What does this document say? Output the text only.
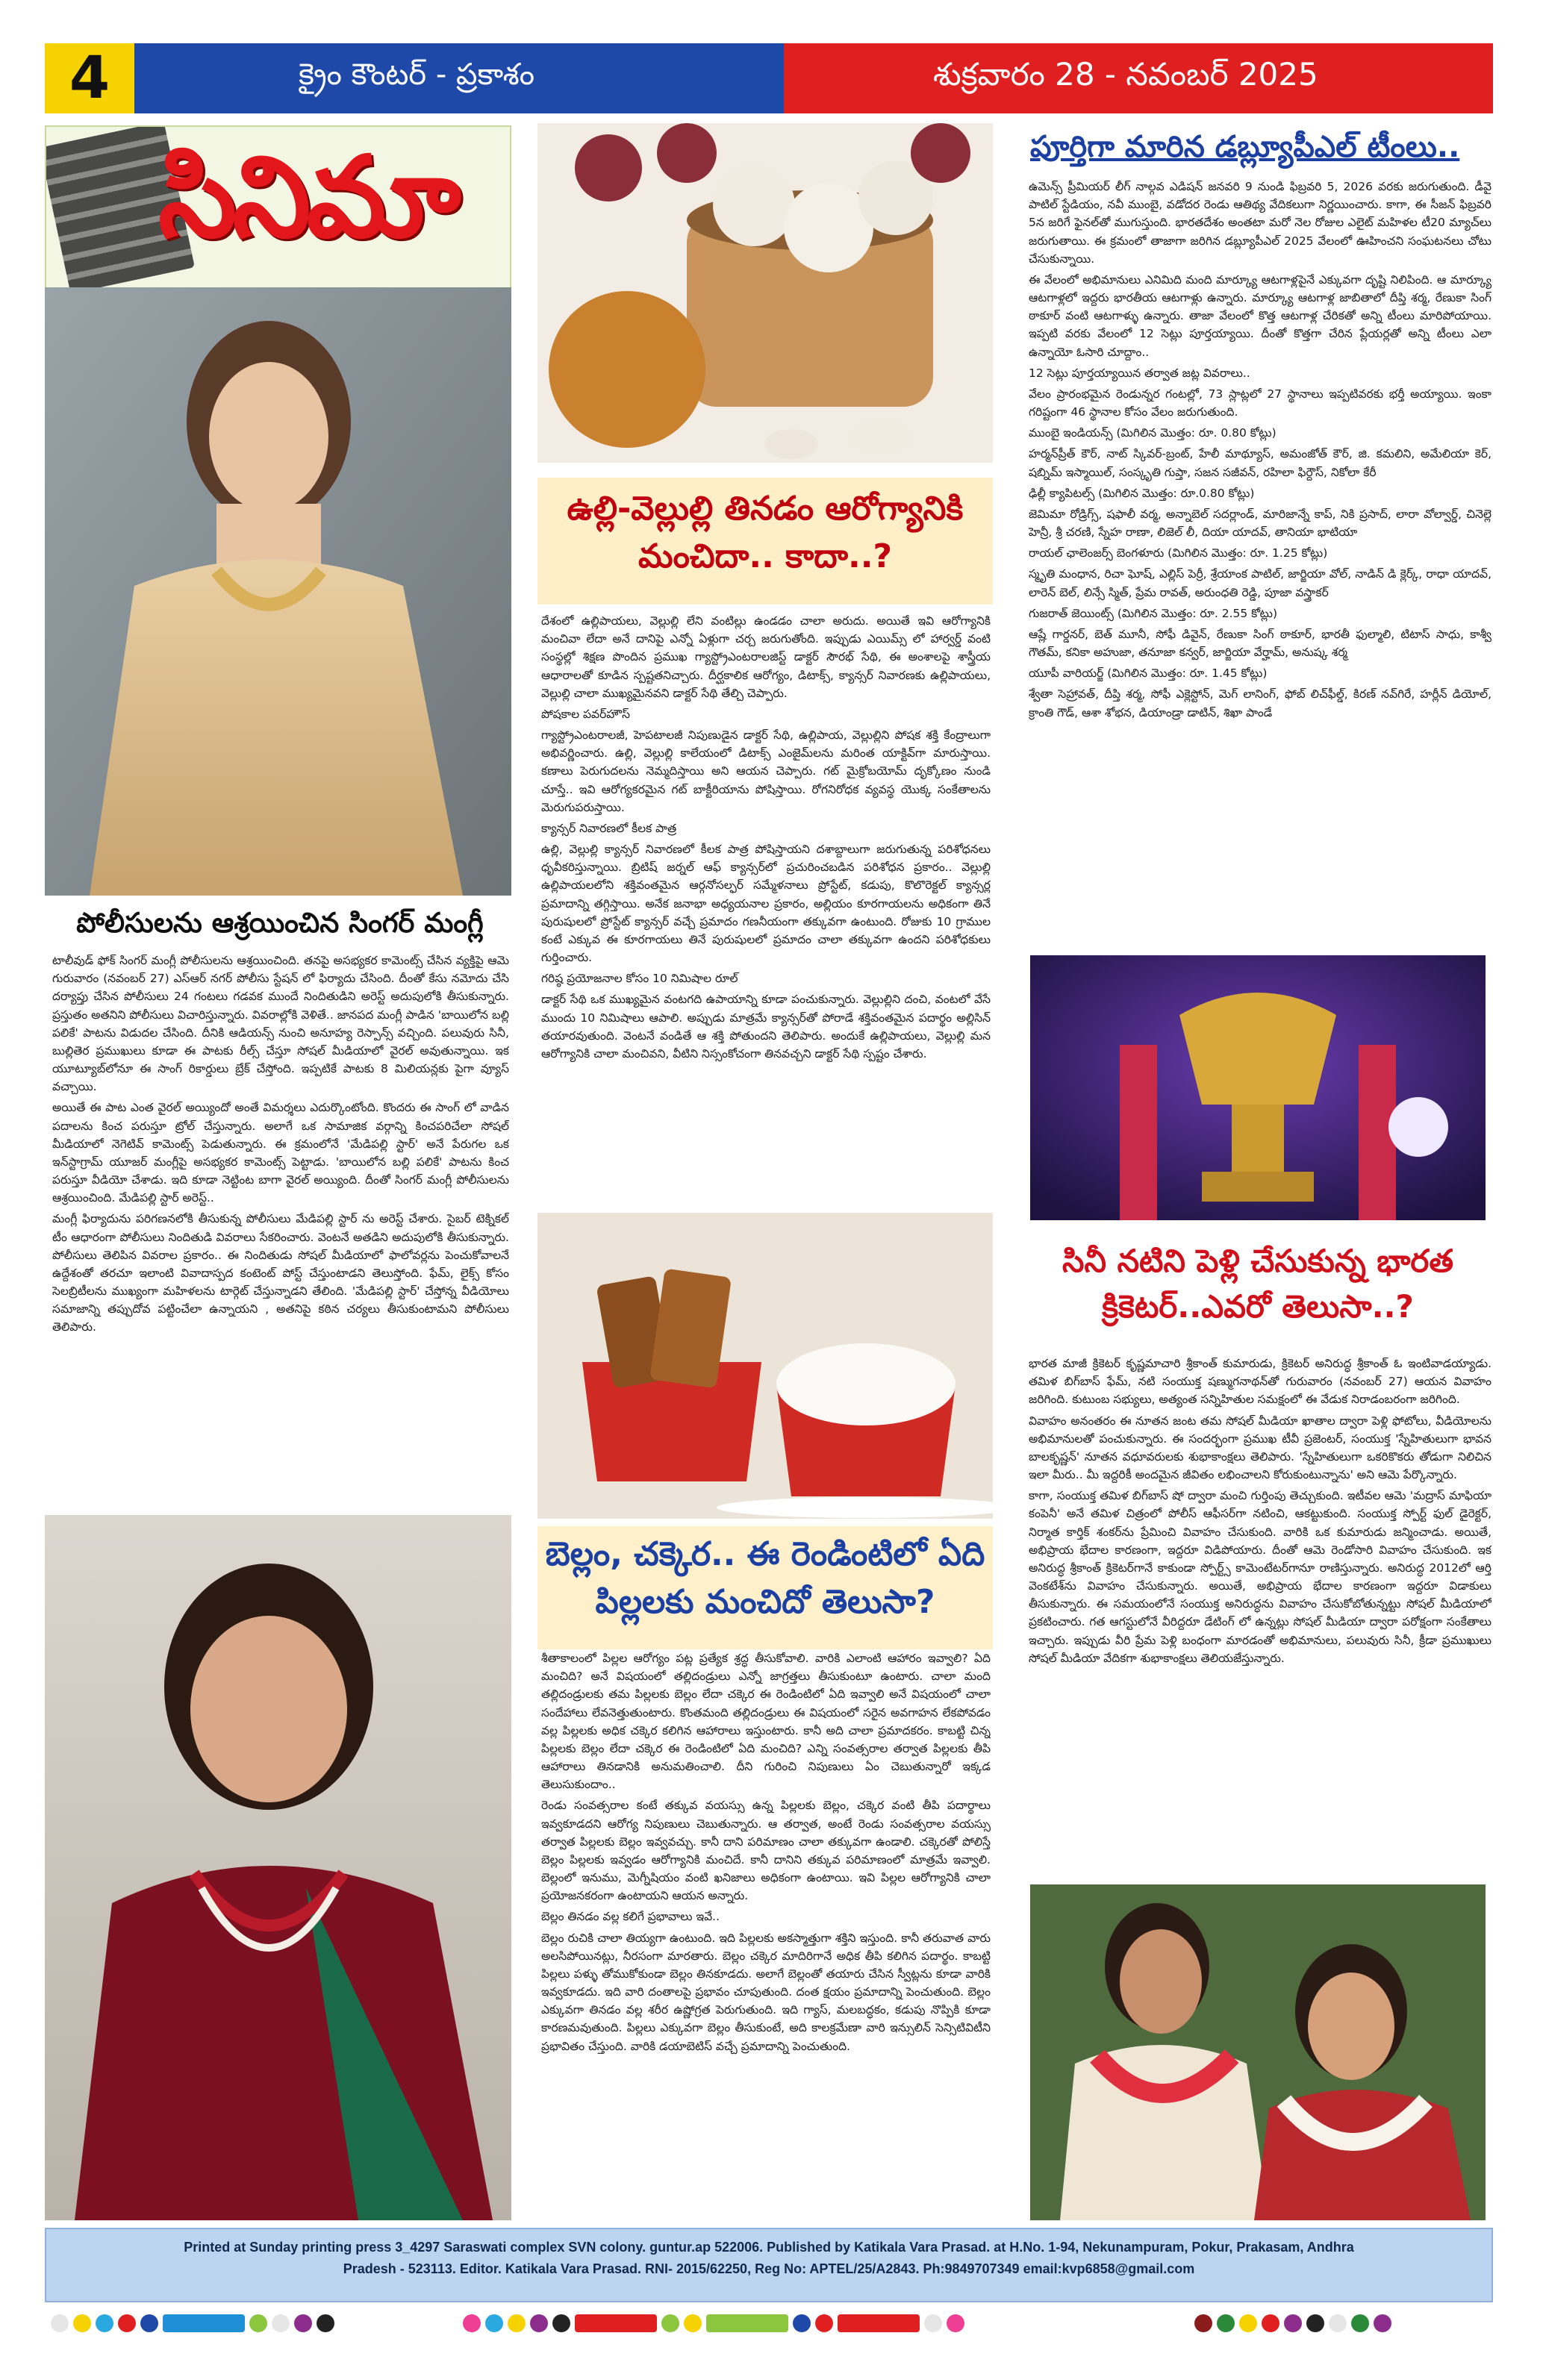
4	క్రైం కౌంటర్ - ప్రకాశం	శుక్రవారం 28 - నవంబర్ 2025
సినిమా
పోలీసులను ఆశ్రయించిన సింగర్ మంగ్లీ

టాలీవుడ్ ఫోక్ సింగర్ మంగ్లీ పోలీసులను ఆశ్రయించింది. తనపై అసభ్యకర కామెంట్స్ చేసిన వ్యక్తిపై ఆమె గురువారం (నవంబర్ 27) ఎస్ఆర్ నగర్ పోలీసు స్టేషన్ లో ఫిర్యాదు చేసింది. దీంతో కేసు నమోదు చేసి దర్యాప్తు చేసిన పోలీసులు 24 గంటలు గడవక ముందే నిందితుడిని అరెస్ట్ అదుపులోకి తీసుకున్నారు. ప్రస్తుతం అతనిని పోలీసులు విచారిస్తున్నారు. వివరాల్లోకి వెళితే.. జానపద మంగ్లీ పాడిన 'బాయిలోన బల్లి పలికే' పాటను విడుదల చేసింది. దీనికి ఆడియన్స్ నుంచి అనూహ్య రెస్పాన్స్ వచ్చింది. పలువురు సినీ, బుల్లితెర ప్రముఖులు కూడా ఈ పాటకు రీల్స్ చేస్తూ సోషల్ మీడియాలో వైరల్ అవుతున్నాయి. ఇక యూట్యూబ్‌లోనూ ఈ సాంగ్ రికార్డులు బ్రేక్ చేస్తోంది. ఇప్పటికే పాటకు 8 మిలియన్లకు పైగా వ్యూస్ వచ్చాయి.

అయితే ఈ పాట ఎంత వైరల్ అయ్యిందో అంతే విమర్శలు ఎదుర్కొంటోంది. కొందరు ఈ సాంగ్ లో వాడిన పదాలను కించ పరుస్తూ ట్రోల్ చేస్తున్నారు. అలాగే ఒక సామాజిక వర్గాన్ని కించపరిచేలా సోషల్ మీడియాలో నెగెటివ్ కామెంట్స్ పెడుతున్నారు. ఈ క్రమంలోనే 'మేడిపల్లి స్టార్' అనే పేరుగల ఒక ఇన్‌స్టాగ్రామ్ యూజర్ మంగ్లీపై అసభ్యకర కామెంట్స్ పెట్టాడు. 'బాయిలోన బల్లి పలికే' పాటను కించ పరుస్తూ వీడియో చేశాడు. ఇది కూడా నెట్టింట బాగా వైరల్ అయ్యింది. దీంతో సింగర్ మంగ్లీ పోలీసులను ఆశ్రయించింది. మేడిపల్లి స్టార్ అరెస్ట్..

మంగ్లీ ఫిర్యాదును పరిగణనలోకి తీసుకున్న పోలీసులు మేడిపల్లి స్టార్ ను అరెస్ట్ చేశారు. సైబర్ టెక్నికల్ టీం ఆధారంగా పోలీసులు నిందితుడి వివరాలు సేకరించారు. వెంటనే అతడిని అదుపులోకి తీసుకున్నారు. పోలీసులు తెలిపిన వివరాల ప్రకారం.. ఈ నిందితుడు సోషల్ మీడియాలో ఫాలోవర్లను పెంచుకోవాలనే ఉద్దేశంతో తరచూ ఇలాంటి వివాదాస్పద కంటెంట్ పోస్ట్ చేస్తుంటాడని తెలుస్తోంది. ఫేమ్, లైక్స్ కోసం సెలబ్రిటీలను ముఖ్యంగా మహిళలను టార్గెట్ చేస్తున్నాడని తేలింది. 'మేడిపల్లి స్టార్' చేస్తోన్న వీడియోలు సమాజాన్ని తప్పుదోవ పట్టించేలా ఉన్నాయని , అతనిపై కఠిన చర్యలు తీసుకుంటామని పోలీసులు తెలిపారు.

ఉల్లి-వెల్లుల్లి తినడం ఆరోగ్యానికి మంచిదా.. కాదా..?

దేశంలో ఉల్లిపాయలు, వెల్లుల్లి లేని వంటిల్లు ఉండడం చాలా అరుదు. అయితే ఇవి ఆరోగ్యానికి మంచివా లేదా అనే దానిపై ఎన్నో ఏళ్లుగా చర్చ జరుగుతోంది. ఇప్పుడు ఎయిమ్స్ లో హార్వర్డ్ వంటి సంస్థల్లో శిక్షణ పొందిన ప్రముఖ గ్యాస్ట్రోఎంటరాలజిస్ట్ డాక్టర్ సౌరభ్ సేథి, ఈ అంశాలపై శాస్త్రీయ ఆధారాలతో కూడిన స్పష్టతనిచ్చారు. దీర్ఘకాలిక ఆరోగ్యం, డిటాక్స్, క్యాన్సర్ నివారణకు ఉల్లిపాయలు, వెల్లుల్లి చాలా ముఖ్యమైనవని డాక్టర్ సేథి తేల్చి చెప్పారు.

పోషకాల పవర్‌హౌస్

గ్యాస్ట్రోఎంటరాలజీ, హెపటాలజీ నిపుణుడైన డాక్టర్ సేథి, ఉల్లిపాయ, వెల్లుల్లిని పోషక శక్తి కేంద్రాలుగా అభివర్ణించారు. ఉల్లి, వెల్లుల్లి కాలేయంలో డిటాక్స్ ఎంజైమ్‌లను మరింత యాక్టివ్‌గా మారుస్తాయి. కణాలు పెరుగుదలను నెమ్మదిస్తాయి అని ఆయన చెప్పారు. గట్ మైక్రోబయోమ్ దృక్కోణం నుండి చూస్తే.. ఇవి ఆరోగ్యకరమైన గట్ బాక్టీరియాను పోషిస్తాయి. రోగనిరోధక వ్యవస్థ యొక్క సంకేతాలను మెరుగుపరుస్తాయి.

క్యాన్సర్ నివారణలో కీలక పాత్ర

ఉల్లి, వెల్లుల్లి క్యాన్సర్ నివారణలో కీలక పాత్ర పోషిస్తాయని దశాబ్దాలుగా జరుగుతున్న పరిశోధనలు ధృవీకరిస్తున్నాయి. బ్రిటిష్ జర్నల్ ఆఫ్ క్యాన్సర్‌లో ప్రచురించబడిన పరిశోధన ప్రకారం.. వెల్లుల్లి ఉల్లిపాయలలోని శక్తివంతమైన ఆర్గనోసల్ఫర్ సమ్మేళనాలు ప్రోస్టేట్, కడుపు, కొలొరెక్టల్ క్యాన్సర్ల ప్రమాదాన్ని తగ్గిస్తాయి. అనేక జనాభా అధ్యయనాల ప్రకారం, అల్లియం కూరగాయలను అధికంగా తినే పురుషులలో ప్రోస్టేట్ క్యాన్సర్ వచ్చే ప్రమాదం గణనీయంగా తక్కువగా ఉంటుంది. రోజుకు 10 గ్రాముల కంటే ఎక్కువ ఈ కూరగాయలు తినే పురుషులలో ప్రమాదం చాలా తక్కువగా ఉందని పరిశోధకులు గుర్తించారు.

గరిష్ఠ ప్రయోజనాల కోసం 10 నిమిషాల రూల్

డాక్టర్ సేథి ఒక ముఖ్యమైన వంటగది ఉపాయాన్ని కూడా పంచుకున్నారు. వెల్లుల్లిని దంచి, వంటలో వేసే ముందు 10 నిమిషాలు ఆపాలి. అప్పుడు మాత్రమే క్యాన్సర్‌తో పోరాడే శక్తివంతమైన పదార్థం అల్లిసిన్ తయారవుతుంది. వెంటనే వండితే ఆ శక్తి పోతుందని తెలిపారు. అందుకే ఉల్లిపాయలు, వెల్లుల్లి మన ఆరోగ్యానికి చాలా మంచివని, వీటిని నిస్సంకోచంగా తినవచ్చని డాక్టర్ సేథి స్పష్టం చేశారు.

బెల్లం, చక్కెర.. ఈ రెండింటిలో ఏది పిల్లలకు మంచిదో తెలుసా?

శీతాకాలంలో పిల్లల ఆరోగ్యం పట్ల ప్రత్యేక శ్రద్ధ తీసుకోవాలి. వారికి ఎలాంటి ఆహారం ఇవ్వాలి? ఏది మంచిది? అనే విషయంలో తల్లిదండ్రులు ఎన్నో జాగ్రత్తలు తీసుకుంటూ ఉంటారు. చాలా మంది తల్లిదండ్రులకు తమ పిల్లలకు బెల్లం లేదా చక్కెర ఈ రెండింటిలో ఏది ఇవ్వాలి అనే విషయంలో చాలా సందేహాలు లేవనెత్తుతుంటారు. కొంతమంది తల్లిదండ్రులు ఈ విషయంలో సరైన అవగాహన లేకపోవడం వల్ల పిల్లలకు అధిక చక్కెర కలిగిన ఆహారాలు ఇస్తుంటారు. కానీ అది చాలా ప్రమాదకరం. కాబట్టి చిన్న పిల్లలకు బెల్లం లేదా చక్కెర ఈ రెండింటిలో ఏది మంచిది? ఎన్ని సంవత్సరాల తర్వాత పిల్లలకు తీపి ఆహారాలు తినడానికి అనుమతించాలి. దీని గురించి నిపుణులు ఏం చెబుతున్నారో ఇక్కడ తెలుసుకుందాం..

రెండు సంవత్సరాల కంటే తక్కువ వయస్సు ఉన్న పిల్లలకు బెల్లం, చక్కెర వంటి తీపి పదార్థాలు ఇవ్వకూడదని ఆరోగ్య నిపుణులు చెబుతున్నారు. ఆ తర్వాత, అంటే రెండు సంవత్సరాల వయస్సు తర్వాత పిల్లలకు బెల్లం ఇవ్వవచ్చు. కానీ దాని పరిమాణం చాలా తక్కువగా ఉండాలి. చక్కెరతో పోలిస్తే బెల్లం పిల్లలకు ఇవ్వడం ఆరోగ్యానికి మంచిదే. కానీ దానిని తక్కువ పరిమాణంలో మాత్రమే ఇవ్వాలి. బెల్లంలో ఇనుము, మెగ్నీషియం వంటి ఖనిజాలు అధికంగా ఉంటాయి. ఇవి పిల్లల ఆరోగ్యానికి చాలా ప్రయోజనకరంగా ఉంటాయని ఆయన అన్నారు.

బెల్లం తినడం వల్ల కలిగే ప్రభావాలు ఇవే..

బెల్లం రుచికి చాలా తియ్యగా ఉంటుంది. ఇది పిల్లలకు అకస్మాత్తుగా శక్తిని ఇస్తుంది. కానీ తరువాత వారు అలసిపోయినట్లు, నీరసంగా మారతారు. బెల్లం చక్కెర మాదిరిగానే అధిక తీపి కలిగిన పదార్థం. కాబట్టి పిల్లలు పళ్ళు తోముకోకుండా బెల్లం తినకూడదు. అలాగే బెల్లంతో తయారు చేసిన స్వీట్లను కూడా వారికి ఇవ్వకూడదు. ఇది వారి దంతాలపై ప్రభావం చూపుతుంది. దంత క్షయం ప్రమాదాన్ని పెంచుతుంది. బెల్లం ఎక్కువగా తినడం వల్ల శరీర ఉష్ణోగ్రత పెరుగుతుంది. ఇది గ్యాస్, మలబద్ధకం, కడుపు నొప్పికి కూడా కారణమవుతుంది. పిల్లలు ఎక్కువగా బెల్లం తీసుకుంటే, అది కాలక్రమేణా వారి ఇన్సులిన్ సెన్సిటివిటీని ప్రభావితం చేస్తుంది. వారికి డయాబెటిస్ వచ్చే ప్రమాదాన్ని పెంచుతుంది.

పూర్తిగా మారిన డబ్ల్యూపీఎల్ టీంలు..

ఉమెన్స్ ప్రీమియర్ లీగ్ నాల్గవ ఎడిషన్ జనవరి 9 నుండి ఫిబ్రవరి 5, 2026 వరకు జరుగుతుంది. డీవై పాటిల్ స్టేడియం, నవీ ముంబై, వడోదర రెండు ఆతిథ్య వేదికలుగా నిర్ణయించారు. కాగా, ఈ సీజన్ ఫిబ్రవరి 5న జరిగే ఫైనల్‌తో ముగుస్తుంది. భారతదేశం అంతటా మరో నెల రోజుల ఎలైట్ మహిళల టీ20 మ్యాచ్‌లు జరుగుతాయి. ఈ క్రమంలో తాజాగా జరిగిన డబ్ల్యూపీఎల్ 2025 వేలంలో ఊహించని సంఘటనలు చోటు చేసుకున్నాయి.

ఈ వేలంలో అభిమానులు ఎనిమిది మంది మార్క్యూ ఆటగాళ్లపైనే ఎక్కువగా దృష్టి నిలిపింది. ఆ మార్క్యూ ఆటగాళ్లలో ఇద్దరు భారతీయ ఆటగాళ్లు ఉన్నారు. మార్క్యూ ఆటగాళ్ల జాబితాలో దీప్తి శర్మ, రేణుకా సింగ్ ఠాకూర్ వంటి ఆటగాళ్ళు ఉన్నారు. తాజా వేలంలో కొత్త ఆటగాళ్ల చేరికతో అన్ని టీంలు మారిపోయాయి. ఇప్పటి వరకు వేలంలో 12 సెట్లు పూర్తయ్యాయి. దీంతో కొత్తగా చేరిన ప్లేయర్లతో అన్ని టీంలు ఎలా ఉన్నాయో ఓసారి చూద్దాం..

12 సెట్లు పూర్తయ్యాయిన తర్వాత జట్ల వివరాలు..

వేలం ప్రారంభమైన రెండున్నర గంటల్లో, 73 స్లాట్లలో 27 స్థానాలు ఇప్పటివరకు భర్తీ అయ్యాయి. ఇంకా గరిష్టంగా 46 స్థానాల కోసం వేలం జరుగుతుంది.

ముంబై ఇండియన్స్ (మిగిలిన మొత్తం: రూ. 0.80 కోట్లు)

హర్మన్‌ప్రీత్ కౌర్, నాట్ స్కివర్-బ్రంట్, హేలీ మాథ్యూస్, అమంజోత్ కౌర్, జి. కమలిని, అమేలియా కెర్, షబ్నిమ్ ఇస్మాయిల్, సంస్కృతి గుప్తా, సజన సజీవన్, రహిలా ఫిర్దౌస్, నికోలా కేరీ

ఢిల్లీ క్యాపిటల్స్ (మిగిలిన మొత్తం: రూ.0.80 కోట్లు)

జెమిమా రోడ్రిగ్స్, షఫాలీ వర్మ, అన్నాబెల్ సదర్లాండ్, మారిజాన్నే కాప్, నికి ప్రసాద్, లారా వోల్వార్డ్, చినెల్లె హెన్రీ, శ్రీ చరణి, స్నేహ రాణా, లిజెల్ లీ, దియా యాదవ్, తానియా భాటియా

రాయల్ ఛాలెంజర్స్ బెంగళూరు (మిగిలిన మొత్తం: రూ. 1.25 కోట్లు)

స్మృతి మంధాన, రిచా ఘోష్, ఎల్లిస్ పెర్రీ, శ్రేయాంక పాటిల్, జార్జియా వోల్, నాడిన్ డి క్లెర్క్, రాధా యాదవ్, లారెన్ బెల్, లిన్సే స్మిత్, ప్రేమ రావత్, అరుంధతి రెడ్డి, పూజా వస్త్రాకర్

గుజరాత్ జెయింట్స్ (మిగిలిన మొత్తం: రూ. 2.55 కోట్లు)

ఆష్లే గార్డనర్, బెత్ మూనీ, సోఫీ డివైన్, రేణుకా సింగ్ ఠాకూర్, భారతీ ఫుల్మాలి, టిటాస్ సాధు, కాశ్వీ గౌతమ్, కనికా అహుజా, తనూజా కన్వర్, జార్జియా వేర్హామ్, అనుష్క శర్మ

యూపీ వారియర్జ్ (మిగిలిన మొత్తం: రూ. 1.45 కోట్లు)

శ్వేతా సెహ్రావత్, దీప్తి శర్మ, సోఫీ ఎక్లెస్టోన్, మెగ్ లానింగ్, ఫోబ్ లిచ్‌ఫీల్డ్, కిరణ్ నవ్‌గిరే, హర్లీన్ డియోల్, క్రాంతి గౌడ్, ఆశా శోభన, డియాండ్రా డాటిన్, శిఖా పాండే

సినీ నటిని పెళ్లి చేసుకున్న భారత క్రికెటర్..ఎవరో తెలుసా..?

భారత మాజీ క్రికెటర్ కృష్ణమాచారి శ్రీకాంత్ కుమారుడు, క్రికెటర్ అనిరుద్ధ శ్రీకాంత్ ఓ ఇంటివాడయ్యాడు. తమిళ బిగ్‌బాస్ ఫేమ్, నటి సంయుక్త షణ్ముగనాథన్‌తో గురువారం (నవంబర్ 27) ఆయన వివాహం జరిగింది. కుటుంబ సభ్యులు, అత్యంత సన్నిహితుల సమక్షంలో ఈ వేడుక నిరాడంబరంగా జరిగింది.

వివాహం అనంతరం ఈ నూతన జంట తమ సోషల్ మీడియా ఖాతాల ద్వారా పెళ్లి ఫోటోలు, వీడియోలను అభిమానులతో పంచుకున్నారు. ఈ సందర్భంగా ప్రముఖ టీవీ ప్రజెంటర్, సంయుక్త 'స్నేహితులుగా భావన బాలకృష్ణన్' నూతన వధూవరులకు శుభాకాంక్షలు తెలిపారు. 'స్నేహితులుగా ఒకరికొకరు తోడుగా నిలిచిన ఇలా మీరు.. మీ ఇద్దరికీ అందమైన జీవితం లభించాలని కోరుకుంటున్నాను' అని ఆమె పేర్కొన్నారు.

కాగా, సంయుక్త తమిళ బిగ్‌బాస్ షో ద్వారా మంచి గుర్తింపు తెచ్చుకుంది. ఇటీవల ఆమె 'మద్రాస్ మాఫియా కంపెనీ' అనే తమిళ చిత్రంలో పోలీస్ ఆఫీసర్‌గా నటించి, ఆకట్టుకుంది. సంయుక్త స్పోర్ట్ ఫుల్ డైరెక్టర్, నిర్మాత కార్తిక్ శంకర్‌ను ప్రేమించి వివాహం చేసుకుంది. వారికి ఒక కుమారుడు జన్మించాడు. అయితే, అభిప్రాయ భేదాల కారణంగా, ఇద్దరూ విడిపోయారు. దీంతో ఆమె రెండోసారి వివాహం చేసుకుంది. ఇక అనిరుద్ధ శ్రీకాంత్ క్రికెటర్‌గానే కాకుండా స్పోర్ట్స్ కామెంటేటర్‌గానూ రాణిస్తున్నారు. అనిరుద్ధ 2012లో ఆర్తి వెంకటేశ్‌ను వివాహం చేసుకున్నారు. అయితే, అభిప్రాయ భేదాల కారణంగా ఇద్దరూ విడాకులు తీసుకున్నారు. ఈ సమయంలోనే సంయుక్త అనిరుద్ధను వివాహం చేసుకోబోతున్నట్టు సోషల్ మీడియాలో ప్రకటించారు. గత ఆగస్టులోనే వీరిద్దరూ డేటింగ్ లో ఉన్నట్లు సోషల్ మీడియా ద్వారా పరోక్షంగా సంకేతాలు ఇచ్చారు. ఇప్పుడు వీరి ప్రేమ పెళ్లి బంధంగా మారడంతో అభిమానులు, పలువురు సినీ, క్రీడా ప్రముఖులు సోషల్ మీడియా వేదికగా శుభాకాంక్షలు తెలియజేస్తున్నారు.

Printed at Sunday printing press 3_4297 Saraswati complex SVN colony. guntur.ap 522006. Published by Katikala Vara Prasad. at H.No. 1-94, Nekunampuram, Pokur, Prakasam, Andhra
Pradesh - 523113. Editor. Katikala Vara Prasad. RNI- 2015/62250, Reg No: APTEL/25/A2843. Ph:9849707349 email:kvp6858@gmail.com
